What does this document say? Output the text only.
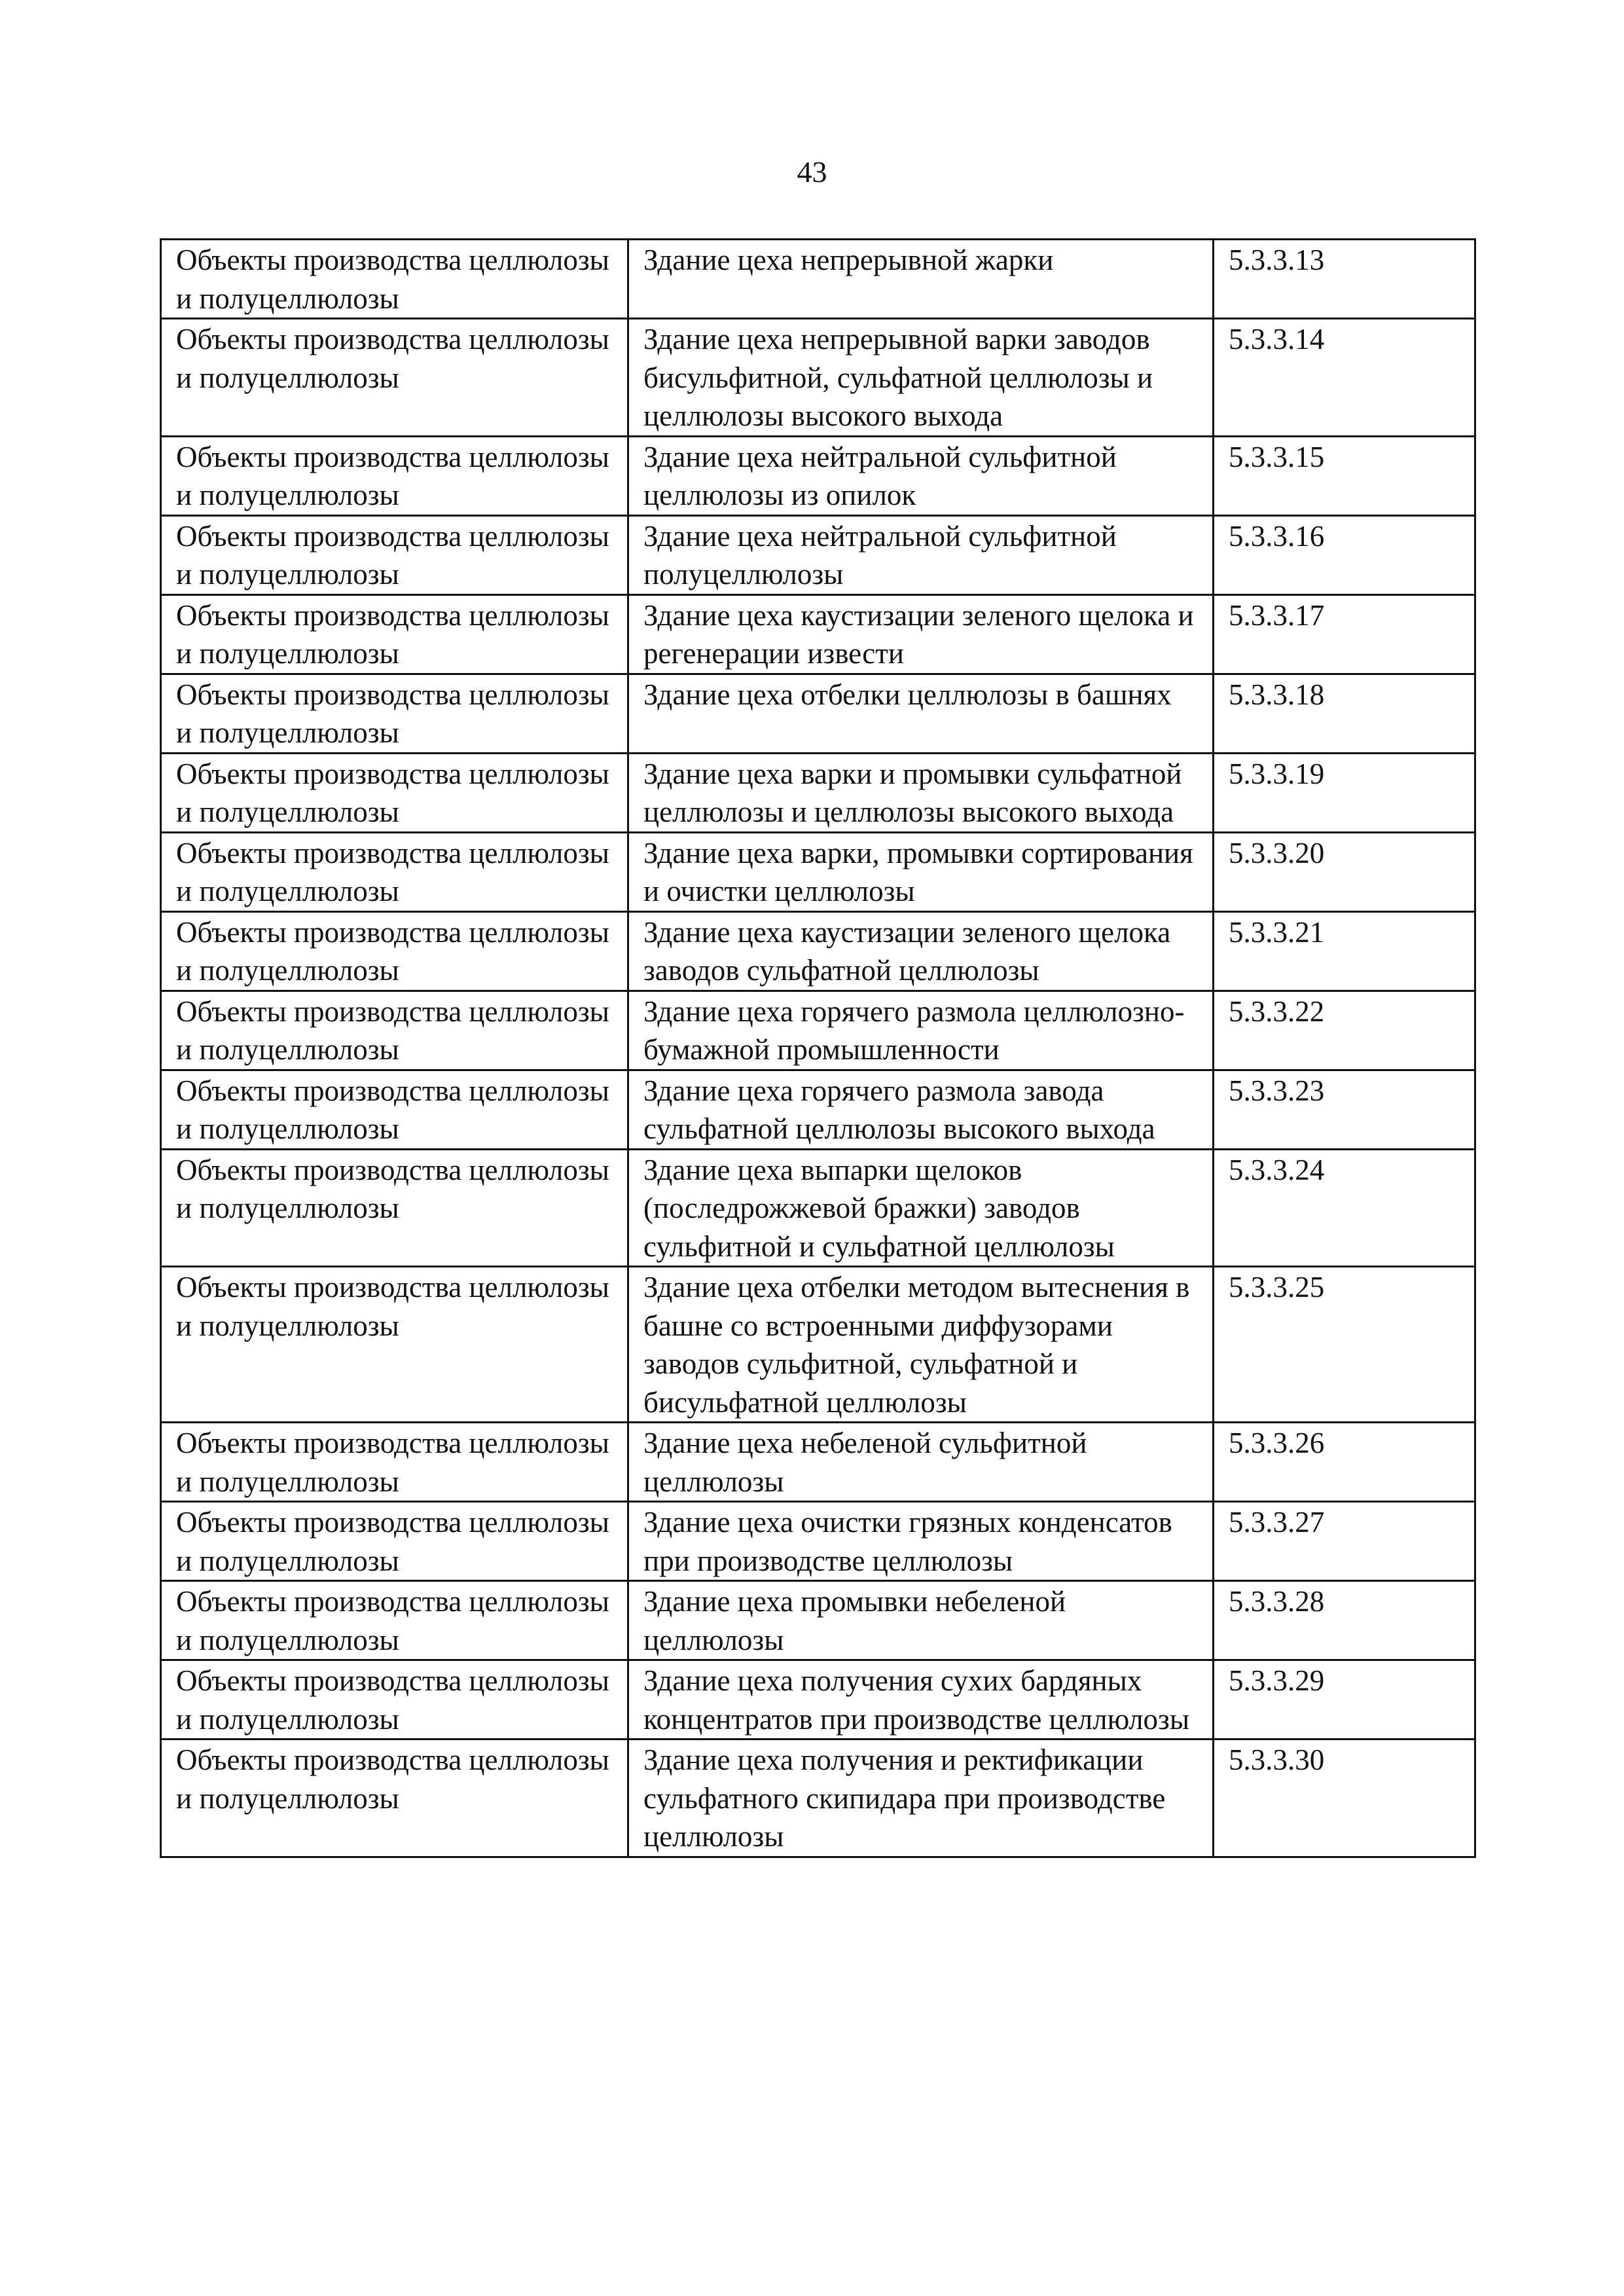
43
Объекты производства целлюлозы и полуцеллюлозы	Здание цеха непрерывной жарки	5.3.3.13
Объекты производства целлюлозы и полуцеллюлозы	Здание цеха непрерывной варки заводов бисульфитной, сульфатной целлюлозы и целлюлозы высокого выхода	5.3.3.14
Объекты производства целлюлозы и полуцеллюлозы	Здание цеха нейтральной сульфитной целлюлозы из опилок	5.3.3.15
Объекты производства целлюлозы и полуцеллюлозы	Здание цеха нейтральной сульфитной полуцеллюлозы	5.3.3.16
Объекты производства целлюлозы и полуцеллюлозы	Здание цеха каустизации зеленого щелока и регенерации извести	5.3.3.17
Объекты производства целлюлозы и полуцеллюлозы	Здание цеха отбелки целлюлозы в башнях	5.3.3.18
Объекты производства целлюлозы и полуцеллюлозы	Здание цеха варки и промывки сульфатной целлюлозы и целлюлозы высокого выхода	5.3.3.19
Объекты производства целлюлозы и полуцеллюлозы	Здание цеха варки, промывки сортирования и очистки целлюлозы	5.3.3.20
Объекты производства целлюлозы и полуцеллюлозы	Здание цеха каустизации зеленого щелока заводов сульфатной целлюлозы	5.3.3.21
Объекты производства целлюлозы и полуцеллюлозы	Здание цеха горячего размола целлюлозно-бумажной промышленности	5.3.3.22
Объекты производства целлюлозы и полуцеллюлозы	Здание цеха горячего размола завода сульфатной целлюлозы высокого выхода	5.3.3.23
Объекты производства целлюлозы и полуцеллюлозы	Здание цеха выпарки щелоков (последрожжевой бражки) заводов сульфитной и сульфатной целлюлозы	5.3.3.24
Объекты производства целлюлозы и полуцеллюлозы	Здание цеха отбелки методом вытеснения в башне со встроенными диффузорами заводов сульфитной, сульфатной и бисульфатной целлюлозы	5.3.3.25
Объекты производства целлюлозы и полуцеллюлозы	Здание цеха небеленой сульфитной целлюлозы	5.3.3.26
Объекты производства целлюлозы и полуцеллюлозы	Здание цеха очистки грязных конденсатов при производстве целлюлозы	5.3.3.27
Объекты производства целлюлозы и полуцеллюлозы	Здание цеха промывки небеленой целлюлозы	5.3.3.28
Объекты производства целлюлозы и полуцеллюлозы	Здание цеха получения сухих бардяных концентратов при производстве целлюлозы	5.3.3.29
Объекты производства целлюлозы и полуцеллюлозы	Здание цеха получения и ректификации сульфатного скипидара при производстве целлюлозы	5.3.3.30
